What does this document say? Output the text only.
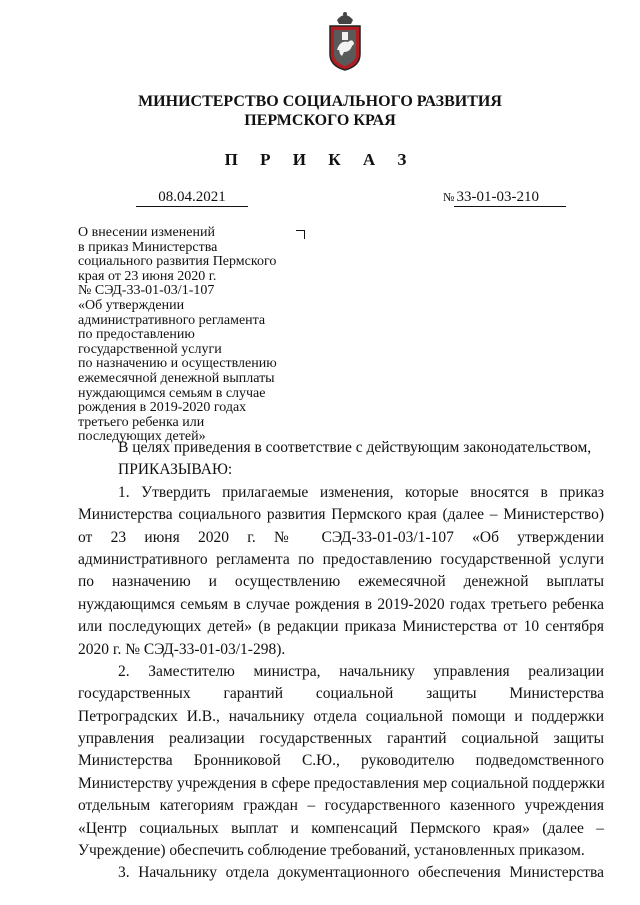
МИНИСТЕРСТВО СОЦИАЛЬНОГО РАЗВИТИЯ
ПЕРМСКОГО КРАЯ
П Р И К А З
08.04.2021	№ 33-01-03-210
О внесении изменений
в приказ Министерства
социального развития Пермского
края от 23 июня 2020 г.
№ СЭД-33-01-03/1-107
«Об утверждении
административного регламента
по предоставлению
государственной услуги
по назначению и осуществлению
ежемесячной денежной выплаты
нуждающимся семьям в случае
рождения в 2019-2020 годах
третьего ребенка или
последующих детей»
В целях приведения в соответствие с действующим законодательством,
ПРИКАЗЫВАЮ:
1. Утвердить прилагаемые изменения, которые вносятся в приказ
Министерства социального развития Пермского края (далее – Министерство)
от 23 июня 2020 г. № СЭД-33-01-03/1-107 «Об утверждении
административного регламента по предоставлению государственной услуги
по назначению и осуществлению ежемесячной денежной выплаты
нуждающимся семьям в случае рождения в 2019-2020 годах третьего ребенка
или последующих детей» (в редакции приказа Министерства от 10 сентября
2020 г. № СЭД-33-01-03/1-298).
2. Заместителю министра, начальнику управления реализации
государственных гарантий социальной защиты Министерства
Петроградских И.В., начальнику отдела социальной помощи и поддержки
управления реализации государственных гарантий социальной защиты
Министерства Бронниковой С.Ю., руководителю подведомственного
Министерству учреждения в сфере предоставления мер социальной поддержки
отдельным категориям граждан – государственного казенного учреждения
«Центр социальных выплат и компенсаций Пермского края» (далее –
Учреждение) обеспечить соблюдение требований, установленных приказом.
3. Начальнику отдела документационного обеспечения Министерства
